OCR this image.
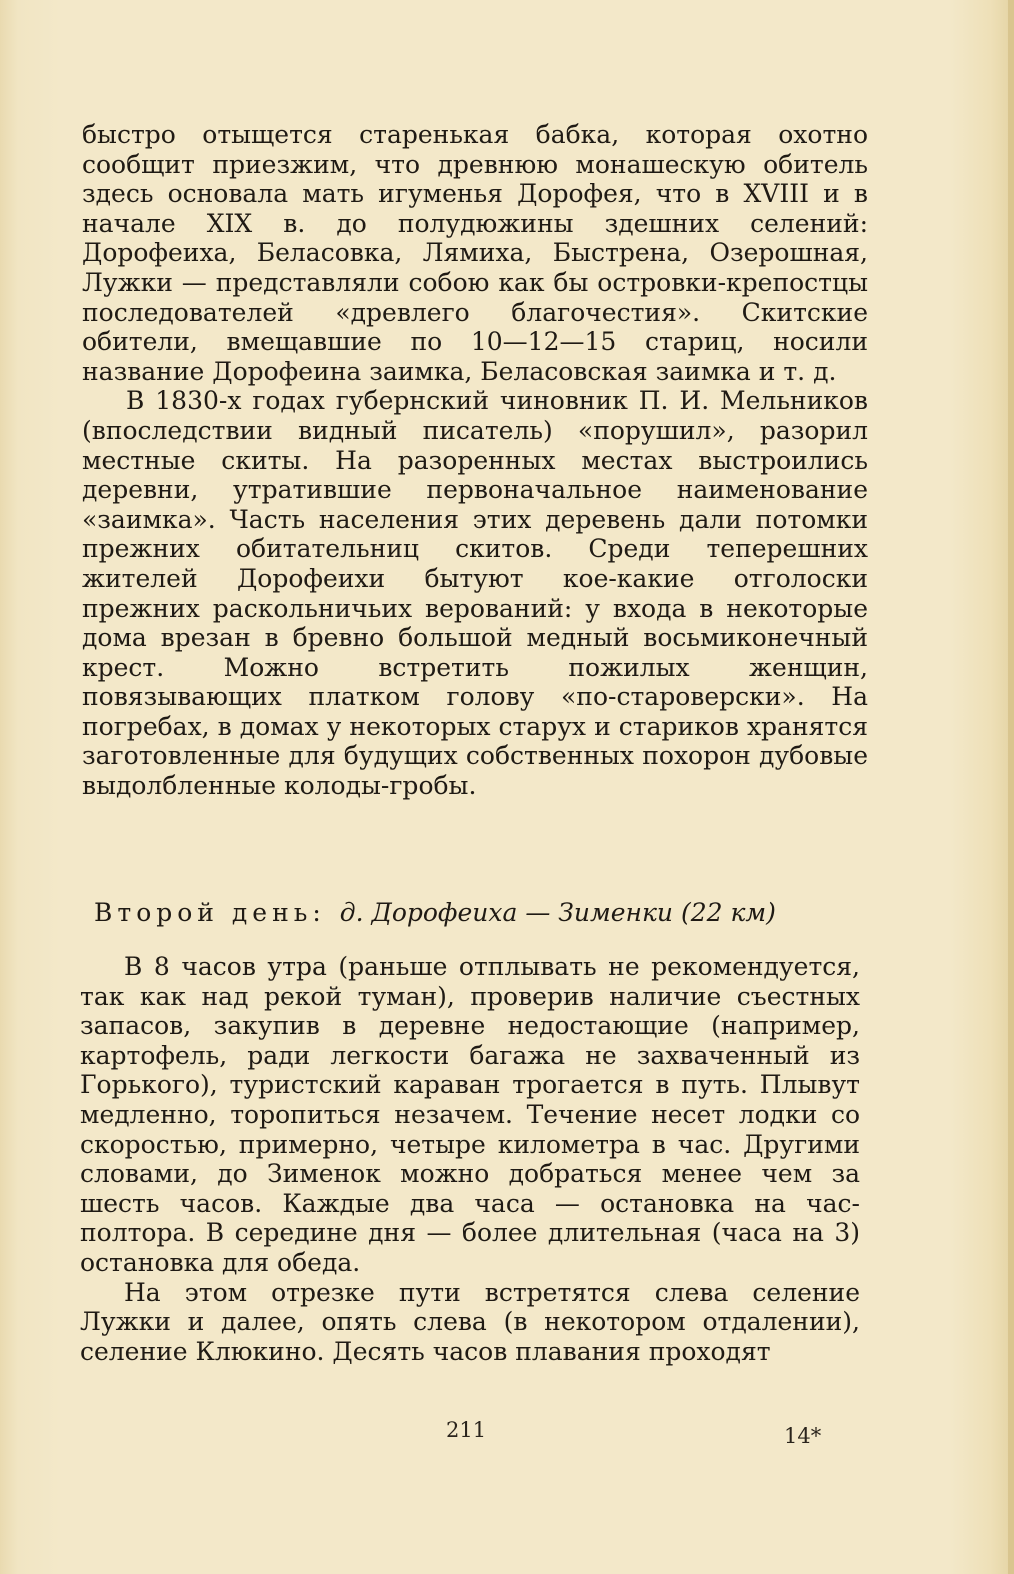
быстро отыщется старенькая бабка, которая охотно сообщит приезжим, что древнюю монашескую обитель здесь основала мать игуменья Дорофея, что в XVIII и в начале XIX в. до полудюжины здешних селений: Дорофеиха, Беласовка, Лямиха, Быстрена, Озерошная, Лужки — представляли собою как бы островки-крепостцы последователей «древлего благочестия». Скитские обители, вмещавшие по 10—12—15 стариц, носили название Дорофеина заимка, Беласовская заимка и т. д.

В 1830-х годах губернский чиновник П. И. Мельников (впоследствии видный писатель) «порушил», разорил местные скиты. На разоренных местах выстроились деревни, утратившие первоначальное наименование «заимка». Часть населения этих деревень дали потомки прежних обитательниц скитов. Среди теперешних жителей Дорофеихи бытуют кое-какие отголоски прежних раскольничьих верований: у входа в некоторые дома врезан в бревно большой медный восьмиконечный крест. Можно встретить пожилых женщин, повязывающих платком голову «по-староверски». На погребах, в домах у некоторых старух и стариков хранятся заготовленные для будущих собственных похорон дубовые выдолбленные колоды-гробы.

Второй день: д. Дорофеиха — Зименки (22 км)

В 8 часов утра (раньше отплывать не рекомендуется, так как над рекой туман), проверив наличие съестных запасов, закупив в деревне недостающие (например, картофель, ради легкости багажа не захваченный из Горького), туристский караван трогается в путь. Плывут медленно, торопиться незачем. Течение несет лодки со скоростью, примерно, четыре километра в час. Другими словами, до Зименок можно добраться менее чем за шесть часов. Каждые два часа — остановка на час-полтора. В середине дня — более длительная (часа на 3) остановка для обеда.

На этом отрезке пути встретятся слева селение Лужки и далее, опять слева (в некотором отдалении), селение Клюкино. Десять часов плавания проходят

211	14*
